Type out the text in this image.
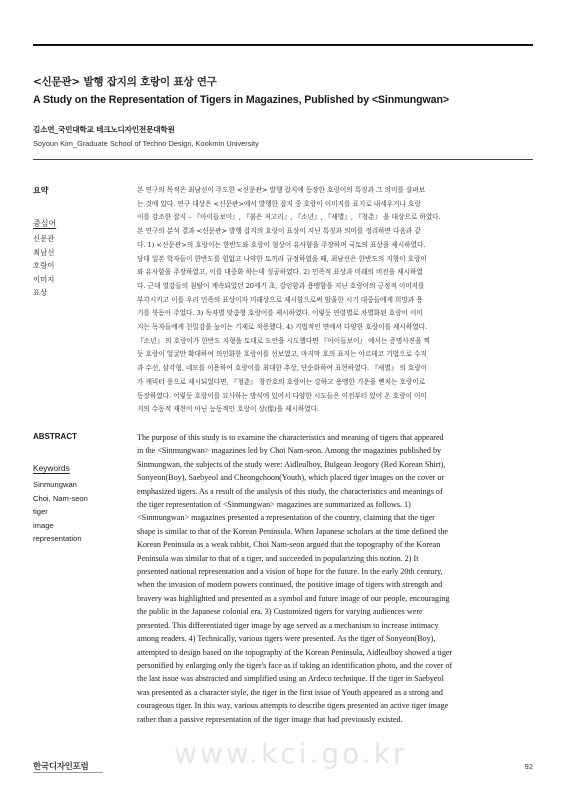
<신문관> 발행 잡지의 호랑이 표상 연구
A Study on the Representation of Tigers in Magazines, Published by <Sinmungwan>
김소연_국민대학교 테크노디자인전문대학원
Soyoun Kim_Graduate School of Techno Design, Kookmin University
요약
중심어
신문관
최남선
호랑이
이미지
표상
본 연구의 목적은 최남선이 주도한 <신문관> 발행 잡지에 등장한 호랑이의 특징과 그 의미를 살펴보
는 것에 있다. 연구 대상은 <신문관>에서 발행한 잡지 중 호랑이 이미지를 표지로 내세우거나 호랑
이를 강조한 잡지 – 『아이들보이』, 『붉은 저고리』, 『소년』, 『새별』, 『청춘』 을 대상으로 하였다.
본 연구의 분석 결과 <신문관> 발행 잡지의 호랑이 표상이 지닌 특징과 의미를 정리하면 다음과 같
다. 1) <신문관>의 호랑이는 한반도와 호랑이 형상이 유사함을 주장하며 국토의 표상을 제시하였다.
당대 일본 학자들이 한반도를 힘없고 나약한 토끼라 규정하였을 때, 최남선은 한반도의 지형이 호랑이
와 유사함을 주장하였고, 이를 대중화 하는데 성공하였다. 2) 민족적 표상과 미래의 비전을 제시하였
다. 근대 열강들의 침탈이 계속되었던 20세기 초, 강인함과 용맹함을 지닌 호랑이의 긍정적 이미지를
부각시키고 이를 우리 민족의 표상이자 미래상으로 제시함으로써 암울한 시기 대중들에게 희망과 용
기를 북돋아 주었다. 3) 독자별 맞춤형 호랑이를 제시하였다. 이렇듯 연령별로 차별화된 호랑이 이미
지는 독자들에게 친밀감을 높이는 기제로 작용했다. 4) 기법적인 면에서 다양한 호랑이를 제시하였다.
『소년』 의 호랑이가 한반도 지형을 토대로 도안을 시도했다면 『아이들보이』 에서는 증명사진을 찍
듯 호랑이 얼굴만 확대하여 의인화한 호랑이를 선보였고, 마지막 호의 표지는 아르데코 기법으로 수직
과 수선, 삼각형, 네모를 이용하여 호랑이를 최대한 추상, 단순화하여 표현하였다. 『새별』 의 호랑이
가 캐릭터 풍으로 제시되었다면, 『청춘』 창간호의 호랑이는 강하고 용맹한 기운을 뻗치는 호랑이로
등장하였다. 이렇듯 호랑이를 묘사하는 방식에 있어서 다양한 시도들은 이전부터 있어 온 호랑이 이미
지의 수동적 재현이 아닌 능동적인 호랑이 상(像)을 제시하였다.
ABSTRACT
Keywords
Sinmungwan
Choi, Nam-seon
tiger
image
representation
The purpose of this study is to examine the characteristics and meaning of tigers that appeared
in the <Sinmungwan> magazines led by Choi Nam-seon. Among the magazines published by
Sinmungwan, the subjects of the study were: Aidleulboy, Bulgean Jeogory (Red Korean Shirt),
Sonyeon(Boy), Saebyeol and Cheongchoon(Youth), which placed tiger images on the cover or
emphasized tigers. As a result of the analysis of this study, the characteristics and meanings of
the tiger representation of <Sinmungwan> magazines are summarized as follows. 1)
<Sinmungwan> magazines presented a representation of the country, claiming that the tiger
shape is similar to that of the Korean Peninsula. When Japanese scholars at the time defined the
Korean Peninsula as a weak rabbit, Choi Nam-seon argued that the topography of the Korean
Peninsula was similar to that of a tiger, and succeeded in popularizing this notion. 2) It
presented national representation and a vision of hope for the future. In the early 20th century,
when the invasion of modern powers continued, the positive image of tigers with strength and
bravery was highlighted and presented as a symbol and future image of our people, encouraging
the public in the Japanese colonial era. 3) Customized tigers for varying audiences were
presented. This differentiated tiger image by age served as a mechanism to increase intimacy
among readers. 4) Technically, various tigers were presented. As the tiger of Sonyeon(Boy),
attempted to design based on the topography of the Korean Peninsula, Aidleulboy showed a tiger
personified by enlarging only the tiger's face as if taking an identification photo, and the cover of
the last issue was abstracted and simplified using an Ardeco technique. If the tiger in Saebyeol
was presented as a character style, the tiger in the first issue of Youth appeared as a strong and
courageous tiger. In this way, various attempts to describe tigers presented an active tiger image
rather than a passive representation of the tiger image that had previously existed.
www.kci.go.kr
한국디자인포럼	92
